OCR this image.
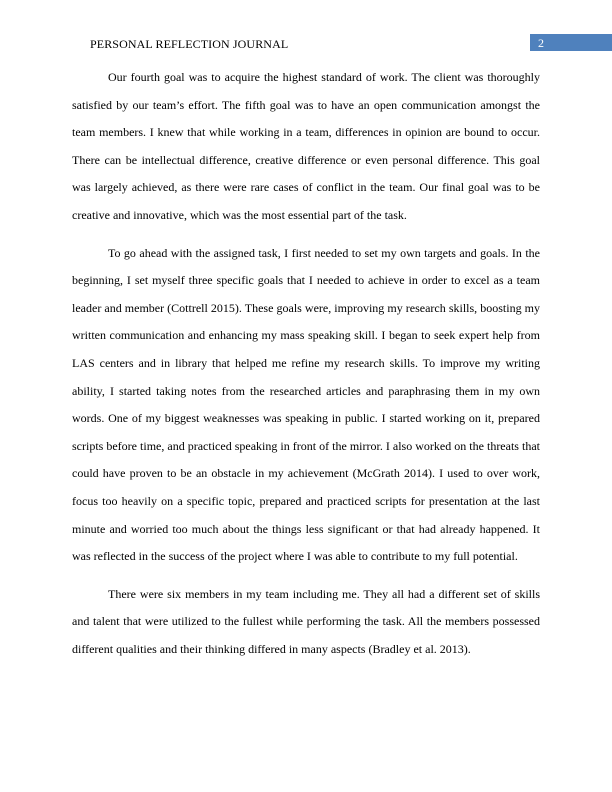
PERSONAL REFLECTION JOURNAL	2

Our fourth goal was to acquire the highest standard of work. The client was thoroughly satisfied by our team’s effort. The fifth goal was to have an open communication amongst the team members. I knew that while working in a team, differences in opinion are bound to occur. There can be intellectual difference, creative difference or even personal difference. This goal was largely achieved, as there were rare cases of conflict in the team. Our final goal was to be creative and innovative, which was the most essential part of the task.

To go ahead with the assigned task, I first needed to set my own targets and goals. In the beginning, I set myself three specific goals that I needed to achieve in order to excel as a team leader and member (Cottrell 2015). These goals were, improving my research skills, boosting my written communication and enhancing my mass speaking skill. I began to seek expert help from LAS centers and in library that helped me refine my research skills. To improve my writing ability, I started taking notes from the researched articles and paraphrasing them in my own words. One of my biggest weaknesses was speaking in public. I started working on it, prepared scripts before time, and practiced speaking in front of the mirror. I also worked on the threats that could have proven to be an obstacle in my achievement (McGrath 2014). I used to over work, focus too heavily on a specific topic, prepared and practiced scripts for presentation at the last minute and worried too much about the things less significant or that had already happened. It was reflected in the success of the project where I was able to contribute to my full potential.

There were six members in my team including me. They all had a different set of skills and talent that were utilized to the fullest while performing the task. All the members possessed different qualities and their thinking differed in many aspects (Bradley et al. 2013).
